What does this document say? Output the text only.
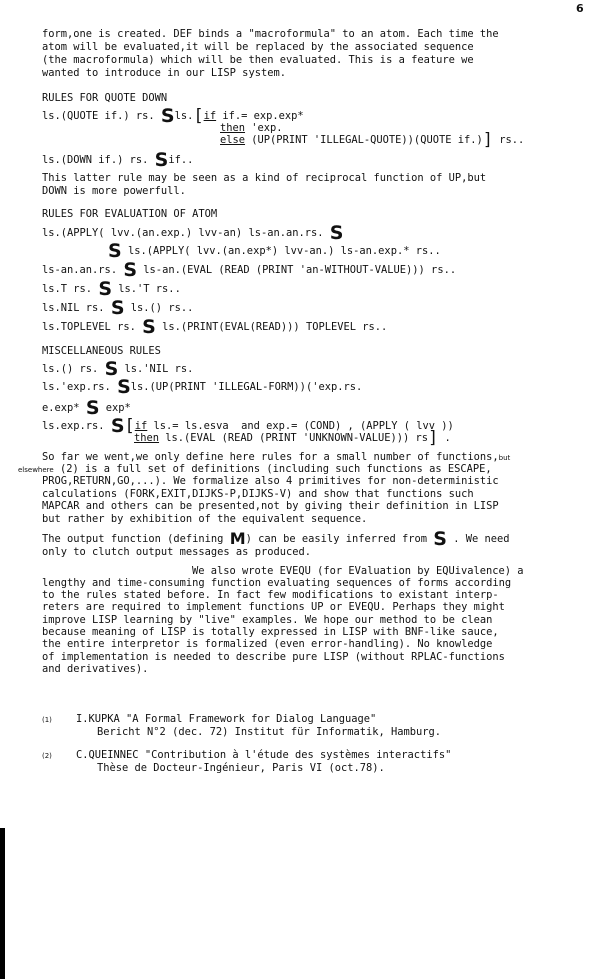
6
form,one is created. DEF binds a "macroformula" to an atom. Each time the
atom will be evaluated,it will be replaced by the associated sequence
(the macroformula) which will be then evaluated. This is a feature we
wanted to introduce in our LISP system.
RULES FOR QUOTE DOWN
ls.(QUOTE if.) rs. Sls.[if if.= exp.exp*
then 'exp.
else (UP(PRINT 'ILLEGAL-QUOTE))(QUOTE if.)] rs..
ls.(DOWN if.) rs. Sif..
This latter rule may be seen as a kind of reciprocal function of UP,but
DOWN is more powerfull.
RULES FOR EVALUATION OF ATOM
ls.(APPLY( lvv.(an.exp.) lvv-an) ls-an.an.rs. S
S ls.(APPLY( lvv.(an.exp*) lvv-an.) ls-an.exp.* rs..
ls-an.an.rs. S ls-an.(EVAL (READ (PRINT 'an-WITHOUT-VALUE))) rs..
ls.T rs. S ls.'T rs..
ls.NIL rs. S ls.() rs..
ls.TOPLEVEL rs. S ls.(PRINT(EVAL(READ))) TOPLEVEL rs..
MISCELLANEOUS RULES
ls.() rs. S ls.'NIL rs.
ls.'exp.rs. Sls.(UP(PRINT 'ILLEGAL-FORM))('exp.rs.
e.exp* S exp*
ls.exp.rs. S[if ls.= ls.esva  and exp.= (COND) , (APPLY ( lvv ))
then ls.(EVAL (READ (PRINT 'UNKNOWN-VALUE))) rs] .
So far we went,we only define here rules for a small number of functions,but
elsewhere (2) is a full set of definitions (including such functions as ESCAPE,
PROG,RETURN,GO,...). We formalize also 4 primitives for non-deterministic
calculations (FORK,EXIT,DIJKS-P,DIJKS-V) and show that functions such
MAPCAR and others can be presented,not by giving their definition in LISP
but rather by exhibition of the equivalent sequence.
The output function (defining M) can be easily inferred from S . We need
only to clutch output messages as produced.
We also wrote EVEQU (for EValuation by EQUivalence) a
lengthy and time-consuming function evaluating sequences of forms according
to the rules stated before. In fact few modifications to existant interp-
reters are required to implement functions UP or EVEQU. Perhaps they might
improve LISP learning by "live" examples. We hope our method to be clean
because meaning of LISP is totally expressed in LISP with BNF-like sauce,
the entire interpretor is formalized (even error-handling). No knowledge
of implementation is needed to describe pure LISP (without RPLAC-functions
and derivatives).
(1) I.KUPKA "A Formal Framework for Dialog Language"
Bericht N°2 (dec. 72) Institut für Informatik, Hamburg.
(2) C.QUEINNEC "Contribution à l'étude des systèmes interactifs"
Thèse de Docteur-Ingénieur, Paris VI (oct.78).
